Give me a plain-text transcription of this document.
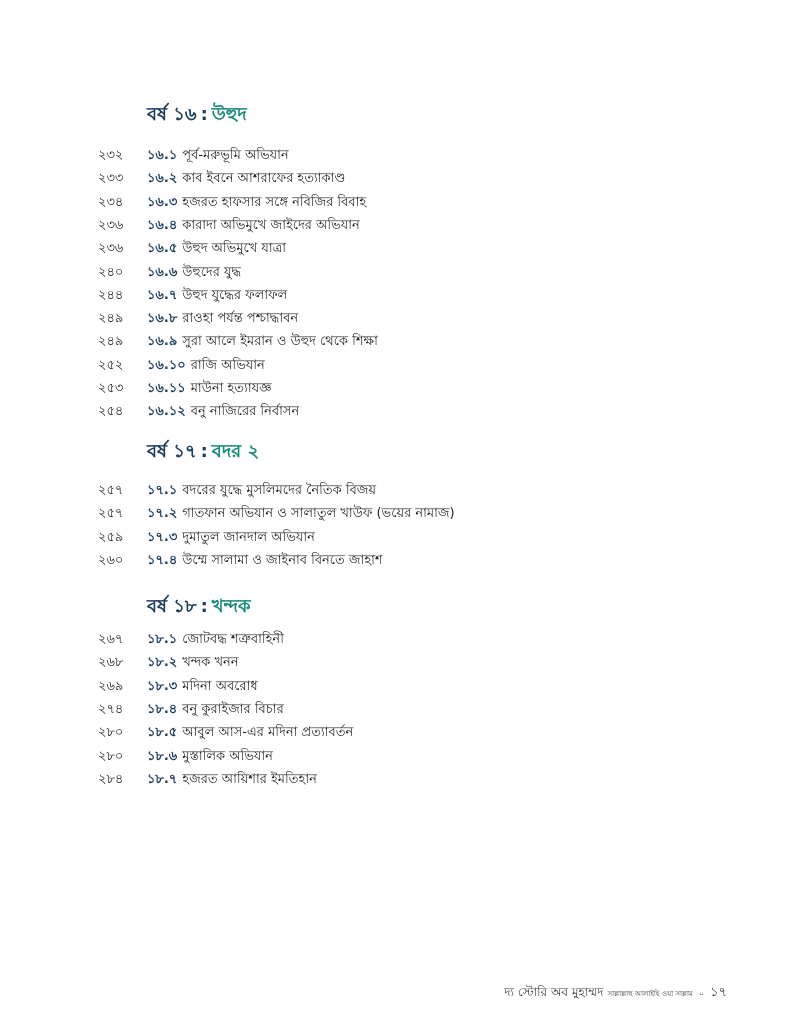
বর্ষ ১৬ : উহুদ
২৩২	১৬.১ পূর্ব-মরুভূমি অভিযান
২৩৩	১৬.২ কাব ইবনে আশরাফের হত্যাকাণ্ড
২৩৪	১৬.৩ হজরত হাফসার সঙ্গে নবিজির বিবাহ
২৩৬	১৬.৪ কারাদা অভিমুখে জাইদের অভিযান
২৩৬	১৬.৫ উহুদ অভিমুখে যাত্রা
২৪০	১৬.৬ উহুদের যুদ্ধ
২৪৪	১৬.৭ উহুদ যুদ্ধের ফলাফল
২৪৯	১৬.৮ রাওহা পর্যন্ত পশ্চাদ্ধাবন
২৪৯	১৬.৯ সুরা আলে ইমরান ও উহুদ থেকে শিক্ষা
২৫২	১৬.১০ রাজি অভিযান
২৫৩	১৬.১১ মাউনা হত্যাযজ্ঞ
২৫৪	১৬.১২ বনু নাজিরের নির্বাসন
বর্ষ ১৭ : বদর ২
২৫৭	১৭.১ বদরের যুদ্ধে মুসলিমদের নৈতিক বিজয়
২৫৭	১৭.২ গাতফান অভিযান ও সালাতুল খাউফ (ভয়ের নামাজ)
২৫৯	১৭.৩ দুমাতুল জানদাল অভিযান
২৬০	১৭.৪ উম্মে সালামা ও জাইনাব বিনতে জাহাশ
বর্ষ ১৮ : খন্দক
২৬৭	১৮.১ জোটবদ্ধ শত্রুবাহিনী
২৬৮	১৮.২ খন্দক খনন
২৬৯	১৮.৩ মদিনা অবরোধ
২৭৪	১৮.৪ বনু কুরাইজার বিচার
২৮০	১৮.৫ আবুল আস-এর মদিনা প্রত্যাবর্তন
২৮০	১৮.৬ মুস্তালিক অভিযান
২৮৪	১৮.৭ হজরত আয়িশার ইমতিহান
দ্য স্টোরি অব মুহাম্মদ সাল্লাল্লাহু আলাইহি ওয়া সাল্লাম ০ ১৭
